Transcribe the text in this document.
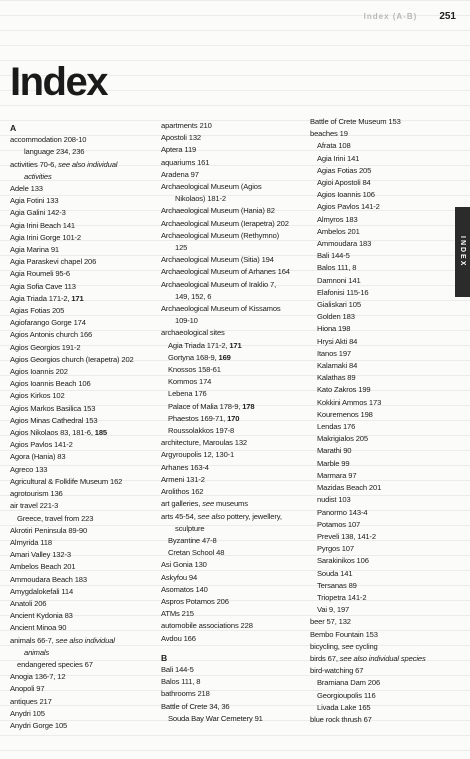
Index (A-B) 251
Index
INDEX
A
accommodation 208-10
language 234, 236
activities 70-6, see also individual
activities
Adele 133
Agia Fotini 133
Agia Galini 142-3
Agia Irini Beach 141
Agia Irini Gorge 101-2
Agia Marina 91
Agia Paraskevi chapel 206
Agia Roumeli 95-6
Agia Sofia Cave 113
Agia Triada 171-2, 171
Agias Fotias 205
Agiofarango Gorge 174
Agios Antonis church 166
Agios Georgios 191-2
Agios Georgios church (Ierapetra) 202
Agios Ioannis 202
Agios Ioannis Beach 106
Agios Kirkos 102
Agios Markos Basilica 153
Agios Minas Cathedral 153
Agios Nikolaos 83, 181-6, 185
Agios Pavlos 141-2
Agora (Hania) 83
Agreco 133
Agricultural & Folklife Museum 162
agrotourism 136
air travel 221-3
Greece, travel from 223
Akrotiri Peninsula 89-90
Almyrida 118
Amari Valley 132-3
Ambelos Beach 201
Ammoudara Beach 183
Amygdalokefali 114
Anatoli 206
Ancient Kydonia 83
Ancient Minoa 90
animals 66-7, see also individual
animals
endangered species 67
Anogia 136-7, 12
Anopoli 97
antiques 217
Anydri 105
Anydri Gorge 105
apartments 210
Apostoli 132
Aptera 119
aquariums 161
Aradena 97
Archaeological Museum (Agios
Nikolaos) 181-2
Archaeological Museum (Hania) 82
Archaeological Museum (Ierapetra) 202
Archaeological Museum (Rethymno)
125
Archaeological Museum (Sitia) 194
Archaeological Museum of Arhanes 164
Archaeological Museum of Iraklio 7,
149, 152, 6
Archaeological Museum of Kissamos
109-10
archaeological sites
Agia Triada 171-2, 171
Gortyna 168-9, 169
Knossos 158-61
Kommos 174
Lebena 176
Palace of Malia 178-9, 178
Phaestos 169-71, 170
Roussolakkos 197-8
architecture, Maroulas 132
Argyroupolis 12, 130-1
Arhanes 163-4
Armeni 131-2
Arolithos 162
art galleries, see museums
arts 45-54, see also pottery, jewellery,
sculpture
Byzantine 47-8
Cretan School 48
Asi Gonia 130
Askyfou 94
Asomatos 140
Aspros Potamos 206
ATMs 215
automobile associations 228
Avdou 166
B
Bali 144-5
Balos 111, 8
bathrooms 218
Battle of Crete 34, 36
Souda Bay War Cemetery 91
Battle of Crete Museum 153
beaches 19
Afrata 108
Agia Irini 141
Agias Fotias 205
Agioi Apostoli 84
Agios Ioannis 106
Agios Pavlos 141-2
Almyros 183
Ambelos 201
Ammoudara 183
Bali 144-5
Balos 111, 8
Damnoni 141
Elafonisi 115-16
Gialiskari 105
Golden 183
Hiona 198
Hrysi Akti 84
Itanos 197
Kalamaki 84
Kalathas 89
Kato Zakros 199
Kokkini Ammos 173
Kouremenos 198
Lendas 176
Makrigialos 205
Marathi 90
Marble 99
Marmara 97
Mazidas Beach 201
nudist 103
Panormo 143-4
Potamos 107
Preveli 138, 141-2
Pyrgos 107
Sarakinikos 106
Souda 141
Tersanas 89
Triopetra 141-2
Vai 9, 197
beer 57, 132
Bembo Fountain 153
bicycling, see cycling
birds 67, see also individual species
bird-watching 67
Bramiana Dam 206
Georgioupolis 116
Livada Lake 165
blue rock thrush 67
